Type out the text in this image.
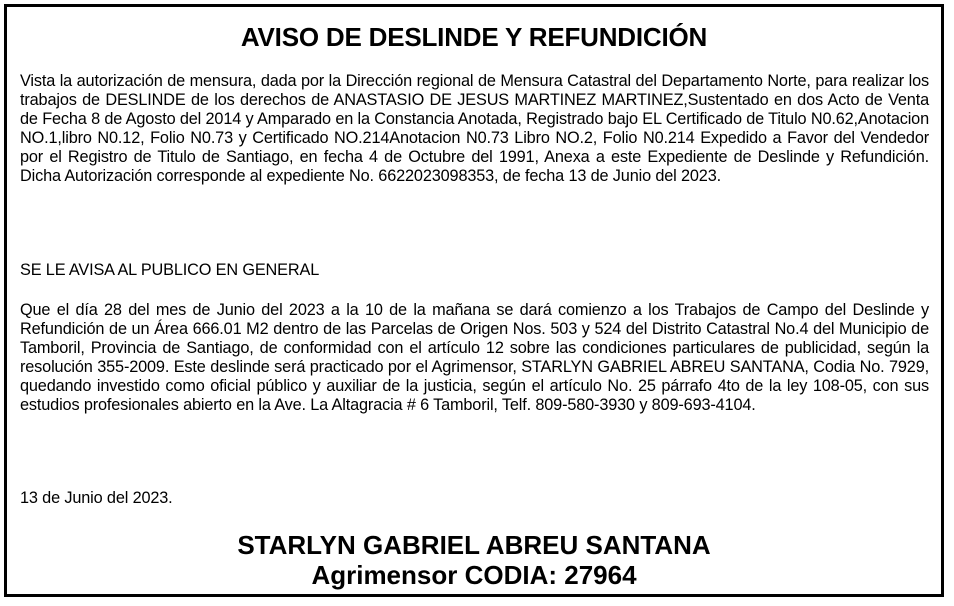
AVISO DE DESLINDE Y REFUNDICIÓN
Vista la autorización de mensura, dada por la Dirección regional de Mensura Catastral del Departamento Norte, para realizar los trabajos de DESLINDE de los derechos de ANASTASIO DE JESUS MARTINEZ MARTINEZ,Sustentado en dos Acto de Venta de Fecha 8 de Agosto del 2014 y Amparado en la Constancia Anotada, Registrado bajo EL Certificado de Titulo N0.62,Anotacion NO.1,libro N0.12, Folio N0.73 y Certificado NO.214Anotacion N0.73 Libro NO.2, Folio N0.214 Expedido a Favor del Vendedor por el Registro de Titulo de Santiago, en fecha 4 de Octubre del 1991, Anexa a este Expediente de Deslinde y Refundición. Dicha Autorización corresponde al expediente No. 6622023098353, de fecha 13 de Junio del 2023.
SE LE AVISA AL PUBLICO EN GENERAL
Que el día 28 del mes de Junio del 2023 a la 10 de la mañana se dará comienzo a los Trabajos de Campo del Deslinde y Refundición de un Área 666.01 M2 dentro de las Parcelas de Origen Nos. 503 y 524 del Distrito Catastral No.4 del Municipio de Tamboril, Provincia de Santiago, de conformidad con el artículo 12 sobre las condiciones particulares de publicidad, según la resolución 355-2009. Este deslinde será practicado por el Agrimensor, STARLYN GABRIEL ABREU SANTANA, Codia No. 7929, quedando investido como oficial público y auxiliar de la justicia, según el artículo No. 25 párrafo 4to de la ley 108-05, con sus estudios profesionales abierto en la Ave. La Altagracia # 6 Tamboril, Telf. 809-580-3930 y 809-693-4104.
13 de Junio del 2023.
STARLYN GABRIEL ABREU SANTANA
Agrimensor CODIA: 27964
